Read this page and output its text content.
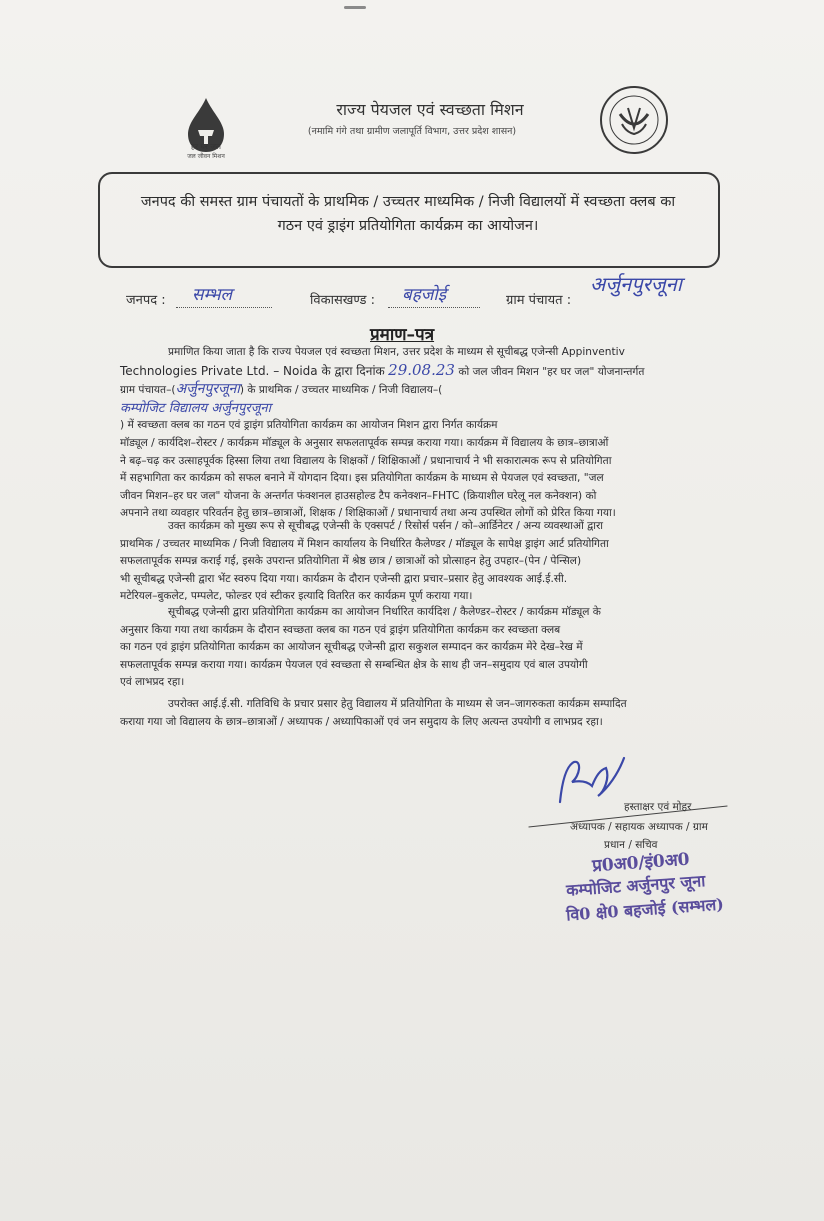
हर घर जल
जल जीवन मिशन
राज्य पेयजल एवं स्वच्छता मिशन
(नमामि गंगे तथा ग्रामीण जलापूर्ति विभाग, उत्तर प्रदेश शासन)
जनपद की समस्त ग्राम पंचायतों के प्राथमिक / उच्चतर माध्यमिक / निजी विद्यालयों में स्वच्छता क्लब का
गठन एवं ड्राइंग प्रतियोगिता कार्यक्रम का आयोजन।
जनपद : सम्भल	विकासखण्ड : बहजोई	ग्राम पंचायत :
अर्जुनपुरजूना
प्रमाण–पत्र
प्रमाणित किया जाता है कि राज्य पेयजल एवं स्वच्छता मिशन, उत्तर प्रदेश के माध्यम से सूचीबद्ध एजेन्सी Appinventiv
Technologies Private Ltd. – Noida के द्वारा दिनांक 29.08.23 को जल जीवन मिशन "हर घर जल" योजनान्तर्गत
ग्राम पंचायत–(अर्जुनपुरजूना) के प्राथमिक / उच्चतर माध्यमिक / निजी विद्यालय–(
कम्पोजिट विद्यालय अर्जुनपुरजूना
) में स्वच्छता क्लब का गठन एवं ड्राइंग प्रतियोगिता कार्यक्रम का आयोजन मिशन द्वारा निर्गत कार्यक्रम
मॉड्यूल / कार्यदिश–रोस्टर / कार्यक्रम मॉड्यूल के अनुसार सफलतापूर्वक सम्पन्न कराया गया। कार्यक्रम में विद्यालय के छात्र–छात्राओं
ने बढ़–चढ़ कर उत्साहपूर्वक हिस्सा लिया तथा विद्यालय के शिक्षकों / शिक्षिकाओं / प्रधानाचार्य ने भी सकारात्मक रूप से प्रतियोगिता
में सहभागिता कर कार्यक्रम को सफल बनाने में योगदान दिया। इस प्रतियोगिता कार्यक्रम के माध्यम से पेयजल एवं स्वच्छता, "जल
जीवन मिशन–हर घर जल" योजना के अन्तर्गत फंक्शनल हाउसहोल्ड टैप कनेक्शन–FHTC (क्रियाशील घरेलू नल कनेक्शन) को
अपनाने तथा व्यवहार परिवर्तन हेतु छात्र–छात्राओं, शिक्षक / शिक्षिकाओं / प्रधानाचार्य तथा अन्य उपस्थित लोगों को प्रेरित किया गया।
उक्त कार्यक्रम को मुख्य रूप से सूचीबद्ध एजेन्सी के एक्सपर्ट / रिसोर्स पर्सन / को–आर्डिनेटर / अन्य व्यवस्थाओं द्वारा
प्राथमिक / उच्चतर माध्यमिक / निजी विद्यालय में मिशन कार्यालय के निर्धारित कैलेण्डर / मॉड्यूल के सापेक्ष ड्राइंग आर्ट प्रतियोगिता
सफलतापूर्वक सम्पन्न कराई गई, इसके उपरान्त प्रतियोगिता में श्रेष्ठ छात्र / छात्राओं को प्रोत्साहन हेतु उपहार–(पेन / पेन्सिल)
भी सूचीबद्ध एजेन्सी द्वारा भेंट स्वरुप दिया गया। कार्यक्रम के दौरान एजेन्सी द्वारा प्रचार–प्रसार हेतु आवश्यक आई.ई.सी.
मटेरियल–बुकलेट, पम्पलेट, फोल्डर एवं स्टीकर इत्यादि वितरित कर कार्यक्रम पूर्ण कराया गया।
सूचीबद्ध एजेन्सी द्वारा प्रतियोगिता कार्यक्रम का आयोजन निर्धारित कार्यदिश / कैलेण्डर–रोस्टर / कार्यक्रम मॉड्यूल के
अनुसार किया गया तथा कार्यक्रम के दौरान स्वच्छता क्लब का गठन एवं ड्राइंग प्रतियोगिता कार्यक्रम कर स्वच्छता क्लब
का गठन एवं ड्राइंग प्रतियोगिता कार्यक्रम का आयोजन सूचीबद्ध एजेन्सी द्वारा सकुशल सम्पादन कर कार्यक्रम मेरे देख–रेख में
सफलतापूर्वक सम्पन्न कराया गया। कार्यक्रम पेयजल एवं स्वच्छता से सम्बन्धित क्षेत्र के साथ ही जन–समुदाय एवं बाल उपयोगी
एवं लाभप्रद रहा।
उपरोक्त आई.ई.सी. गतिविधि के प्रचार प्रसार हेतु विद्यालय में प्रतियोगिता के माध्यम से जन–जागरुकता कार्यक्रम सम्पादित
कराया गया जो विद्यालय के छात्र–छात्राओं / अध्यापक / अध्यापिकाओं एवं जन समुदाय के लिए अत्यन्त उपयोगी व लाभप्रद रहा।
हस्ताक्षर एवं मोहर
अध्यापक / सहायक अध्यापक / ग्राम
प्रधान / सचिव
प्र0अ0/इं0अ0
कम्पोजिट अर्जुनपुर जूना
वि0 क्षे0 बहजोई (सम्भल)
